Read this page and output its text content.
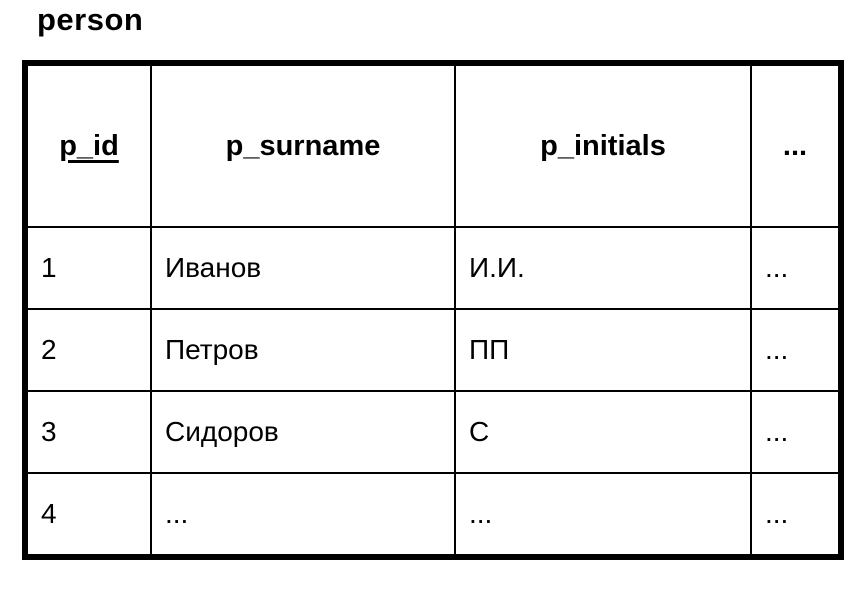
person
p_id	p_surname	p_initials	...
1	Иванов	И.И.	...
2	Петров	ПП	...
3	Сидоров	С	...
4	...	...	...
